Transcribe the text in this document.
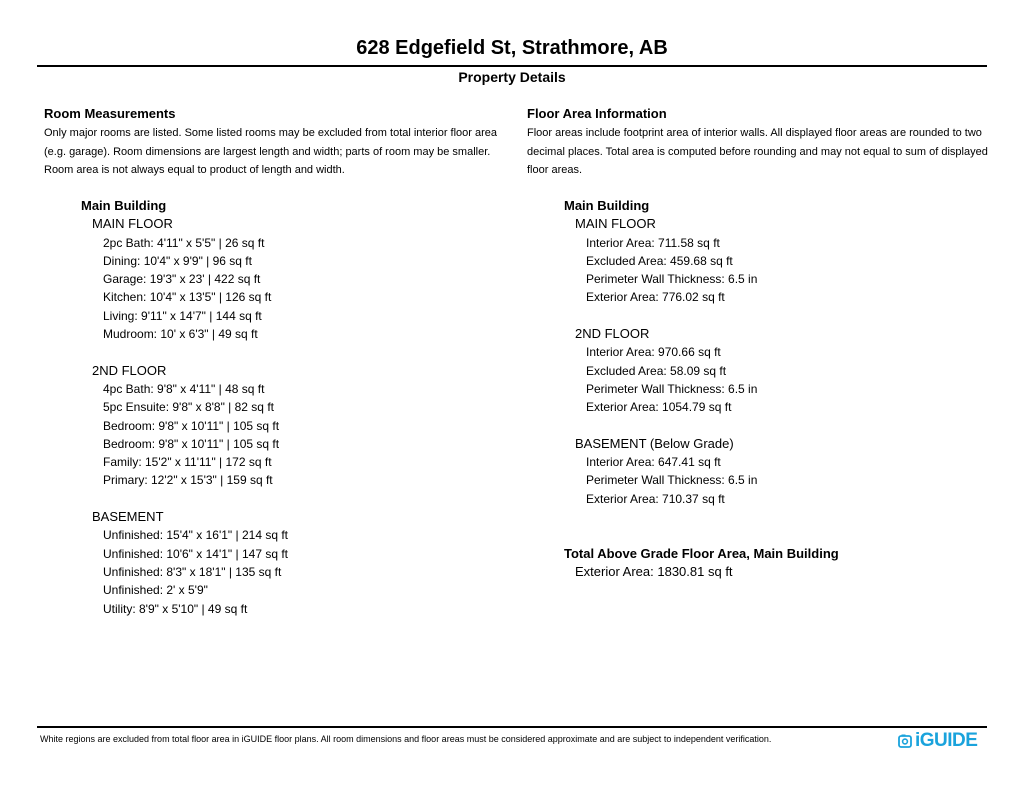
628 Edgefield St, Strathmore, AB
Property Details
Room Measurements
Only major rooms are listed. Some listed rooms may be excluded from total interior floor area (e.g. garage). Room dimensions are largest length and width; parts of room may be smaller. Room area is not always equal to product of length and width.
Main Building
MAIN FLOOR
2pc Bath: 4'11" x 5'5" | 26 sq ft
Dining: 10'4" x 9'9" | 96 sq ft
Garage: 19'3" x 23' | 422 sq ft
Kitchen: 10'4" x 13'5" | 126 sq ft
Living: 9'11" x 14'7" | 144 sq ft
Mudroom: 10' x 6'3" | 49 sq ft
2ND FLOOR
4pc Bath: 9'8" x 4'11" | 48 sq ft
5pc Ensuite: 9'8" x 8'8" | 82 sq ft
Bedroom: 9'8" x 10'11" | 105 sq ft
Bedroom: 9'8" x 10'11" | 105 sq ft
Family: 15'2" x 11'11" | 172 sq ft
Primary: 12'2" x 15'3" | 159 sq ft
BASEMENT
Unfinished: 15'4" x 16'1" | 214 sq ft
Unfinished: 10'6" x 14'1" | 147 sq ft
Unfinished: 8'3" x 18'1" | 135 sq ft
Unfinished: 2' x 5'9"
Utility: 8'9" x 5'10" | 49 sq ft
Floor Area Information
Floor areas include footprint area of interior walls. All displayed floor areas are rounded to two decimal places. Total area is computed before rounding and may not equal to sum of displayed floor areas.
Main Building
MAIN FLOOR
Interior Area: 711.58 sq ft
Excluded Area: 459.68 sq ft
Perimeter Wall Thickness: 6.5 in
Exterior Area: 776.02 sq ft
2ND FLOOR
Interior Area: 970.66 sq ft
Excluded Area: 58.09 sq ft
Perimeter Wall Thickness: 6.5 in
Exterior Area: 1054.79 sq ft
BASEMENT (Below Grade)
Interior Area: 647.41 sq ft
Perimeter Wall Thickness: 6.5 in
Exterior Area: 710.37 sq ft
Total Above Grade Floor Area, Main Building
Exterior Area: 1830.81 sq ft
White regions are excluded from total floor area in iGUIDE floor plans. All room dimensions and floor areas must be considered approximate and are subject to independent verification.	iGUIDE
